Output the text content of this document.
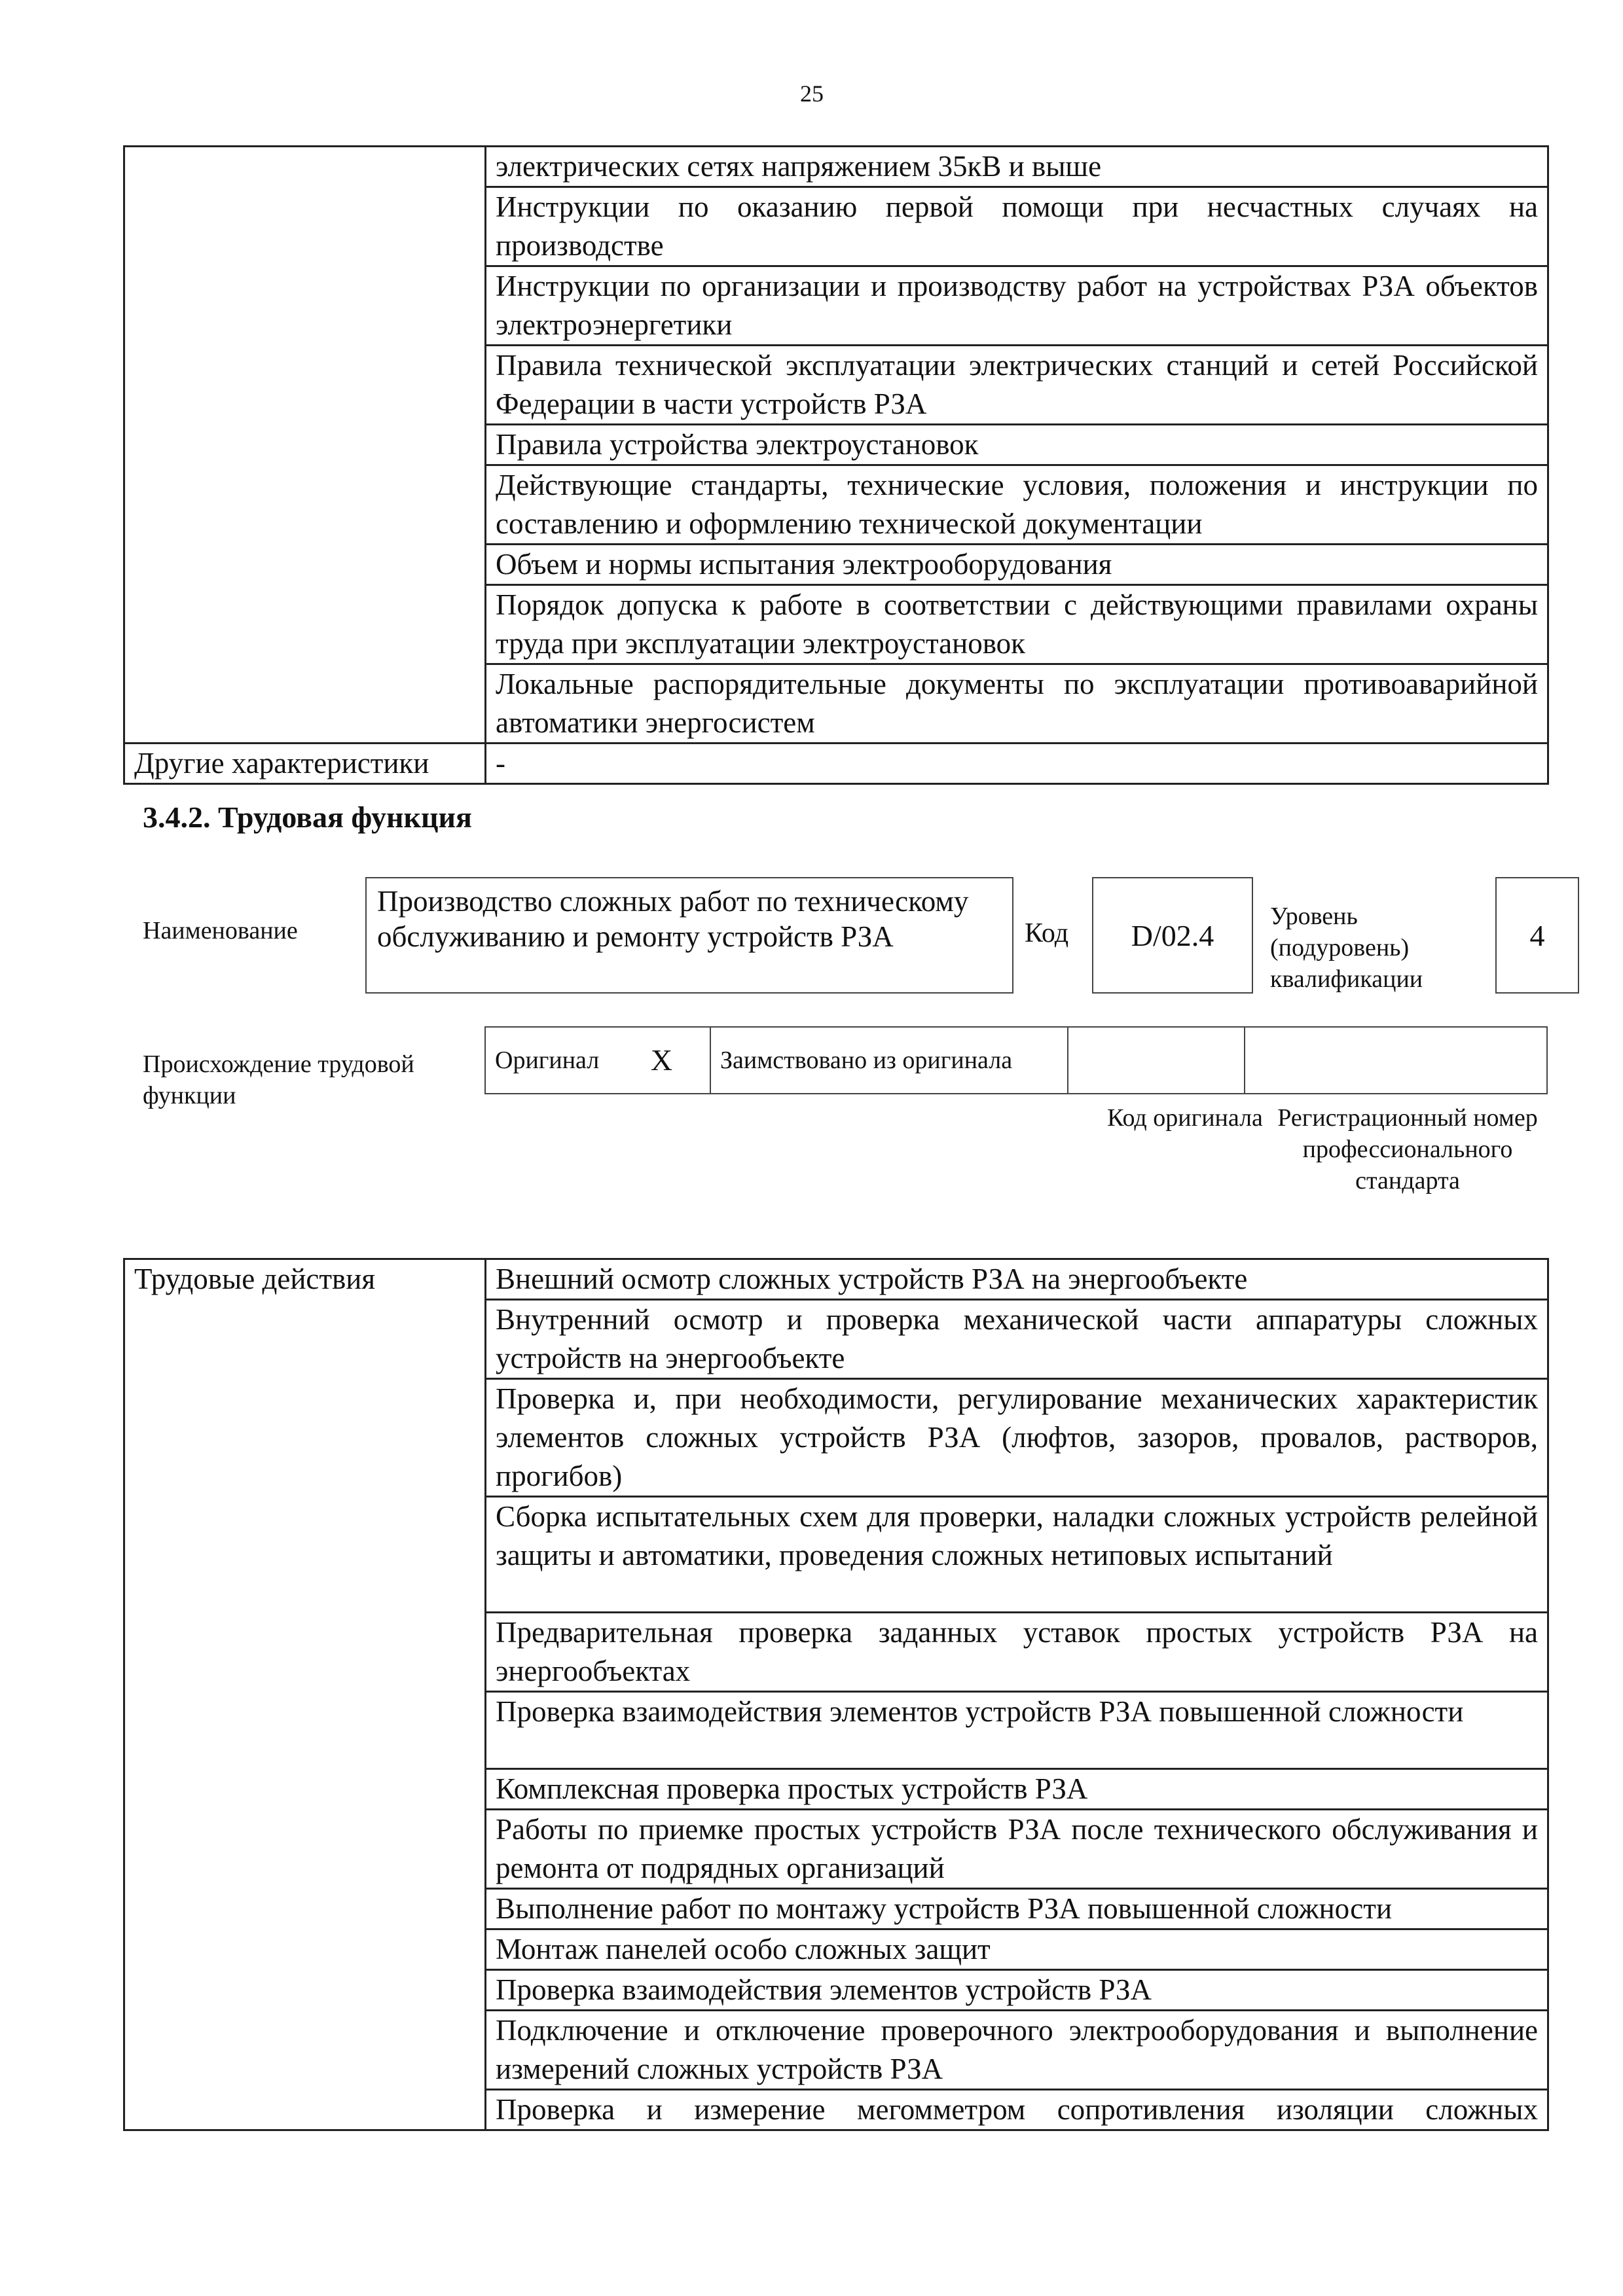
25
	электрических сетях напряжением 35кВ и выше
	Инструкции по оказанию первой помощи при несчастных случаях на производстве
	Инструкции по организации и производству работ на устройствах РЗА объектов электроэнергетики
	Правила технической эксплуатации электрических станций и сетей Российской Федерации в части устройств РЗА
	Правила устройства электроустановок
	Действующие стандарты, технические условия, положения и инструкции по составлению и оформлению технической документации
	Объем и нормы испытания электрооборудования
	Порядок допуска к работе в соответствии с действующими правилами охраны труда при эксплуатации электроустановок
	Локальные распорядительные документы по эксплуатации противоаварийной автоматики энергосистем
Другие характеристики	-
3.4.2. Трудовая функция
Наименование
Производство сложных работ по техническому обслуживанию и ремонту устройств РЗА	Код	D/02.4
Уровень (подуровень) квалификации
4
Происхождение трудовой функции
Оригинал	X	Заимствовано из оригинала		
Код оригинала Регистрационный номер профессионального стандарта
Трудовые действия	Внешний осмотр сложных устройств РЗА на энергообъекте
Внутренний осмотр и проверка механической части аппаратуры сложных устройств на энергообъекте
Проверка и, при необходимости, регулирование механических характеристик элементов сложных устройств РЗА (люфтов, зазоров, провалов, растворов, прогибов)
Сборка испытательных схем для проверки, наладки сложных устройств релейной защиты и автоматики, проведения сложных нетиповых испытаний
Предварительная проверка заданных уставок простых устройств РЗА на энергообъектах
Проверка взаимодействия элементов устройств РЗА повышенной сложности
Комплексная проверка простых устройств РЗА
Работы по приемке простых устройств РЗА после технического обслуживания и ремонта от подрядных организаций
Выполнение работ по монтажу устройств РЗА повышенной сложности
Монтаж панелей особо сложных защит
Проверка взаимодействия элементов устройств РЗА
Подключение и отключение проверочного электрооборудования и выполнение измерений сложных устройств РЗА
Проверка и измерение мегомметром сопротивления изоляции сложных
